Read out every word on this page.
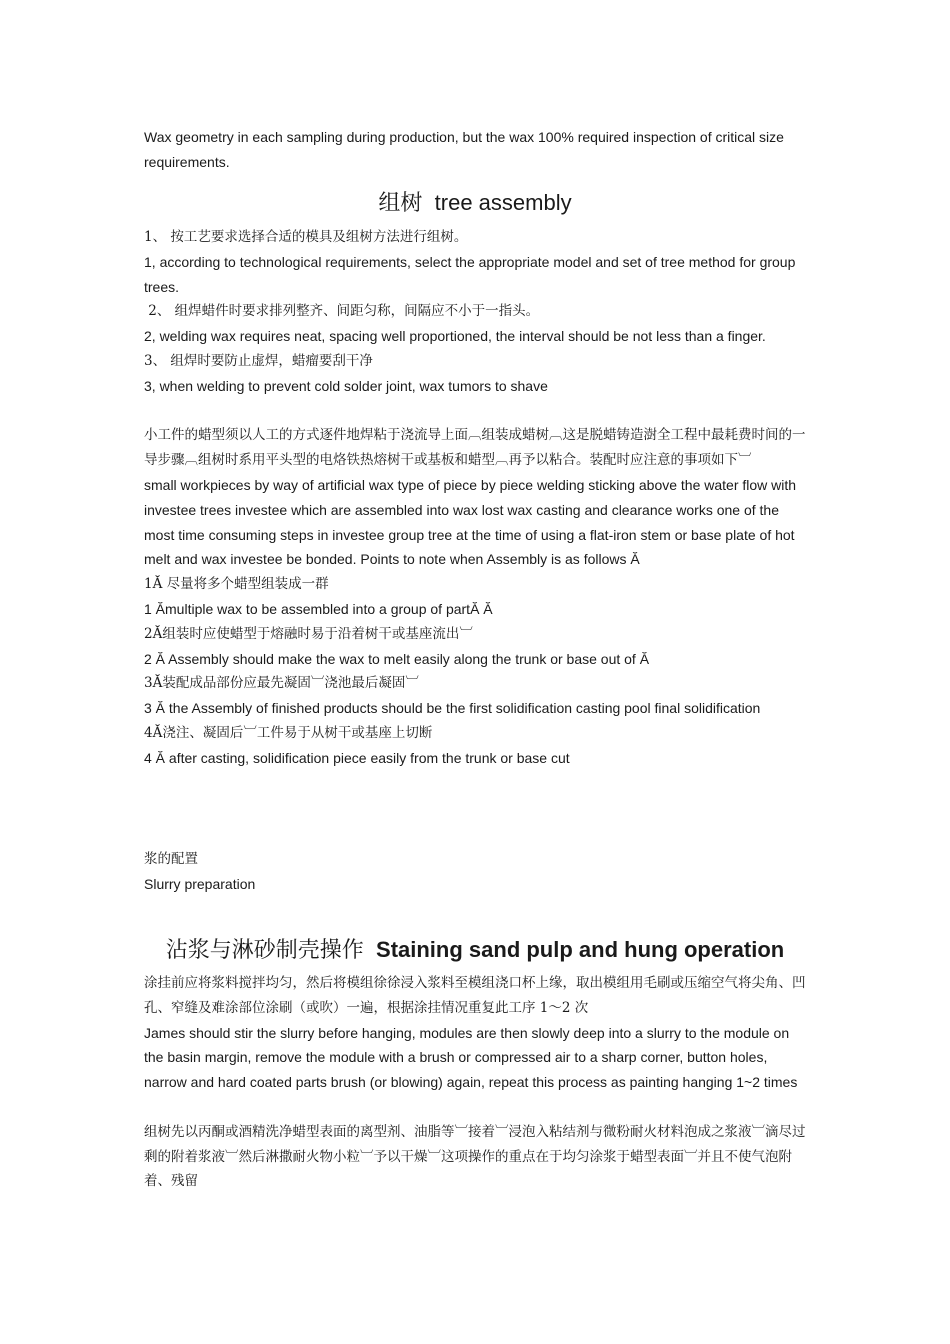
Wax geometry in each sampling during production, but the wax 100% required inspection of critical size requirements.

组树 tree assembly

1、 按工艺要求选择合适的模具及组树方法进行组树。

1, according to technological requirements, select the appropriate model and set of tree method for group trees.

2、 组焊蜡件时要求排列整齐、间距匀称，间隔应不小于一指头。

2, welding wax requires neat, spacing well proportioned, the interval should be not less than a finger.

3、 组焊时要防止虚焊，蜡瘤要刮干净

3, when welding to prevent cold solder joint, wax tumors to shave

小工件的蜡型须以人工的方式逐件地焊粘于浇流导上面︹组装成蜡树︹这是脱蜡铸造澍全工程中最耗费时间的一导步骤︹组树时系用平头型的电烙铁热熔树干或基板和蜡型︹再予以粘合。装配时应注意的事项如下︺

small workpieces by way of artificial wax type of piece by piece welding sticking above the water flow with investee trees investee which are assembled into wax lost wax casting and clearance works one of the most time consuming steps in investee group tree at the time of using a flat-iron stem or base plate of hot melt and wax investee be bonded. Points to note when Assembly is as follows Ă

1Ă 尽量将多个蜡型组装成一群

1 Ămultiple wax to be assembled into a group of partĂ Ă

2Ă组装时应使蜡型于熔融时易于沿着树干或基座流出︺

2 Ă Assembly should make the wax to melt easily along the trunk or base out of Ă

3Ă装配成品部份应最先凝固︺浇池最后凝固︺

3 Ă the Assembly of finished products should be the first solidification casting pool final solidification

4Ă浇注、凝固后︺工件易于从树干或基座上切断

4 Ă after casting, solidification piece easily from the trunk or base cut

浆的配置

Slurry preparation

沾浆与淋砂制壳操作 Staining sand pulp and hung operation

涂挂前应将浆料搅拌均匀，然后将模组徐徐浸入浆料至模组浇口杯上缘，取出模组用毛刷或压缩空气将尖角、凹孔、窄缝及难涂部位涂刷（或吹）一遍，根据涂挂情况重复此工序 1～2 次

James should stir the slurry before hanging, modules are then slowly deep into a slurry to the module on the basin margin, remove the module with a brush or compressed air to a sharp corner, button holes, narrow and hard coated parts brush (or blowing) again, repeat this process as painting hanging 1~2 times

组树先以丙酮或酒精洗净蜡型表面的离型剂、油脂等︺接着︺浸泡入粘结剂与微粉耐火材料泡成之浆液︺滴尽过剩的附着浆液︺然后淋撒耐火物小粒︺予以干燥︺这项操作的重点在于均匀涂浆于蜡型表面︺并且不使气泡附着、残留
